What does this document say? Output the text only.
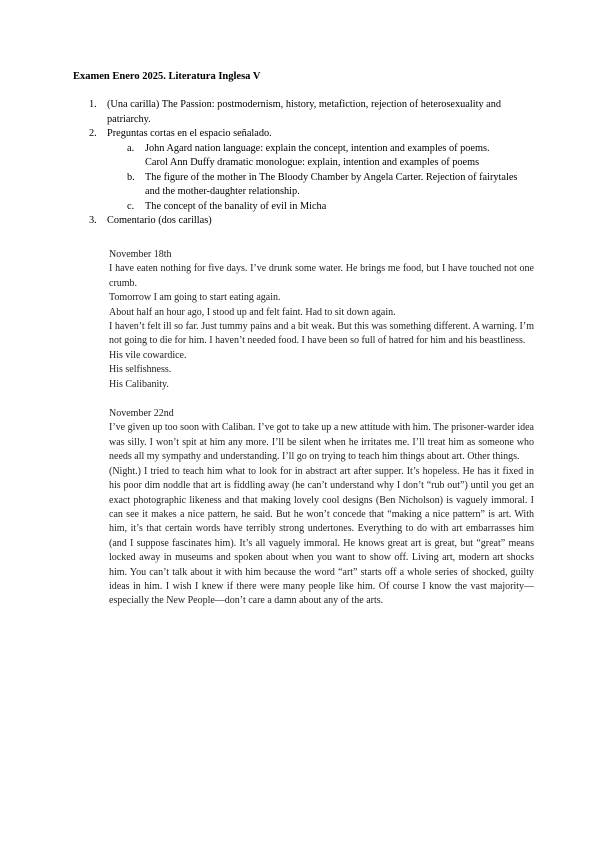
Examen Enero 2025. Literatura Inglesa V
1. (Una carilla) The Passion: postmodernism, history, metafiction, rejection of heterosexuality and patriarchy.
2. Preguntas cortas en el espacio señalado.
a. John Agard nation language: explain the concept, intention and examples of poems.
Carol Ann Duffy dramatic monologue: explain, intention and examples of poems
b. The figure of the mother in The Bloody Chamber by Angela Carter. Rejection of fairytales and the mother-daughter relationship.
c. The concept of the banality of evil in Micha
3. Comentario (dos carillas)

November 18th

I have eaten nothing for five days. I’ve drunk some water. He brings me food, but I have touched not one crumb.

Tomorrow I am going to start eating again.

About half an hour ago, I stood up and felt faint. Had to sit down again.

I haven’t felt ill so far. Just tummy pains and a bit weak. But this was something different. A warning. I’m not going to die for him. I haven’t needed food. I have been so full of hatred for him and his beastliness.

His vile cowardice.

His selfishness.

His Calibanity.

November 22nd

I’ve given up too soon with Caliban. I’ve got to take up a new attitude with him. The prisoner-warder idea was silly. I won’t spit at him any more. I’ll be silent when he irritates me. I’ll treat him as someone who needs all my sympathy and understanding. I’ll go on trying to teach him things about art. Other things.

(Night.) I tried to teach him what to look for in abstract art after supper. It’s hopeless. He has it fixed in his poor dim noddle that art is fiddling away (he can’t understand why I don’t “rub out”) until you get an exact photographic likeness and that making lovely cool designs (Ben Nicholson) is vaguely immoral. I can see it makes a nice pattern, he said. But he won’t concede that “making a nice pattern” is art. With him, it’s that certain words have terribly strong undertones. Everything to do with art embarrasses him (and I suppose fascinates him). It’s all vaguely immoral. He knows great art is great, but “great” means locked away in museums and spoken about when you want to show off. Living art, modern art shocks him. You can’t talk about it with him because the word “art” starts off a whole series of shocked, guilty ideas in him. I wish I knew if there were many people like him. Of course I know the vast majority—especially the New People—don’t care a damn about any of the arts.
